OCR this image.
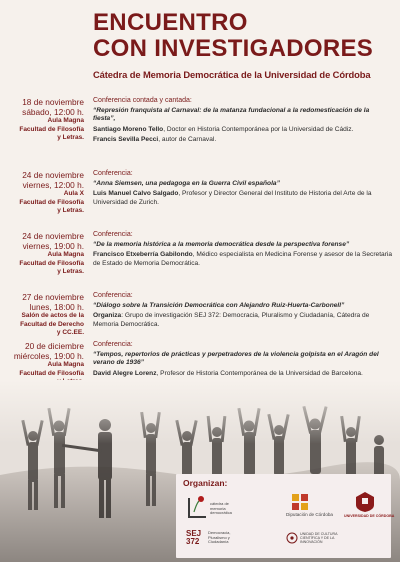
ENCUENTRO
CON INVESTIGADORES
Cátedra de Memoria Democrática de la Universidad de Córdoba
18 de noviembre
sábado, 12:00 h.
Aula Magna
Facultad de Filosofía
y Letras.
Conferencia contada y cantada:
“Represión franquista al Carnaval: de la matanza fundacional a la redomesticación de la fiesta”,
Santiago Moreno Tello, Doctor en Historia Contemporánea por la Universidad de Cádiz.
Francis Sevilla Pecci, autor de Carnaval.
24 de noviembre
viernes, 12:00 h.
Aula X
Facultad de Filosofía
y Letras.
Conferencia:
“Anna Siemsen, una pedagoga en la Guerra Civil española”
Luis Manuel Calvo Salgado, Profesor y Director General del Instituto de Historia del Arte de la Universidad de Zurich.
24 de noviembre
viernes, 19:00 h.
Aula Magna
Facultad de Filosofía
y Letras.
Conferencia:
“De la memoria histórica a la memoria democrática desde la perspectiva forense”
Francisco Etxeberría Gabilondo, Médico especialista en Medicina Forense y asesor de la Secretaria de Estado de Memoria Democrática.
27 de noviembre
lunes, 18:00 h.
Salón de actos de la
Facultad de Derecho
y CC.EE.
Conferencia:
“Diálogo sobre la Transición Democrática con Alejandro Ruiz-Huerta-Carbonell”
Organiza: Grupo de investigación SEJ 372: Democracia, Pluralismo y Ciudadanía, Cátedra de Memoria Democrática.
20 de diciembre
miércoles, 19:00 h.
Aula Magna
Facultad de Filosofía
Conferencia:
“Tempos, repertorios de prácticas y perpetradores de la violencia golpista en el Aragón del verano de 1936”
David Alegre Lorenz, Profesor de Historia Contemporánea de la Universidad de Barcelona.
Organizan:
cátedra de memoria democrática	Diputación de Córdoba	UNIVERSIDAD DE CÓRDOBA
SEJ 372
Democracia, Pluralismo y Ciudadanía
UNIDAD DE CULTURA CIENTÍFICA Y DE LA INNOVACIÓN
